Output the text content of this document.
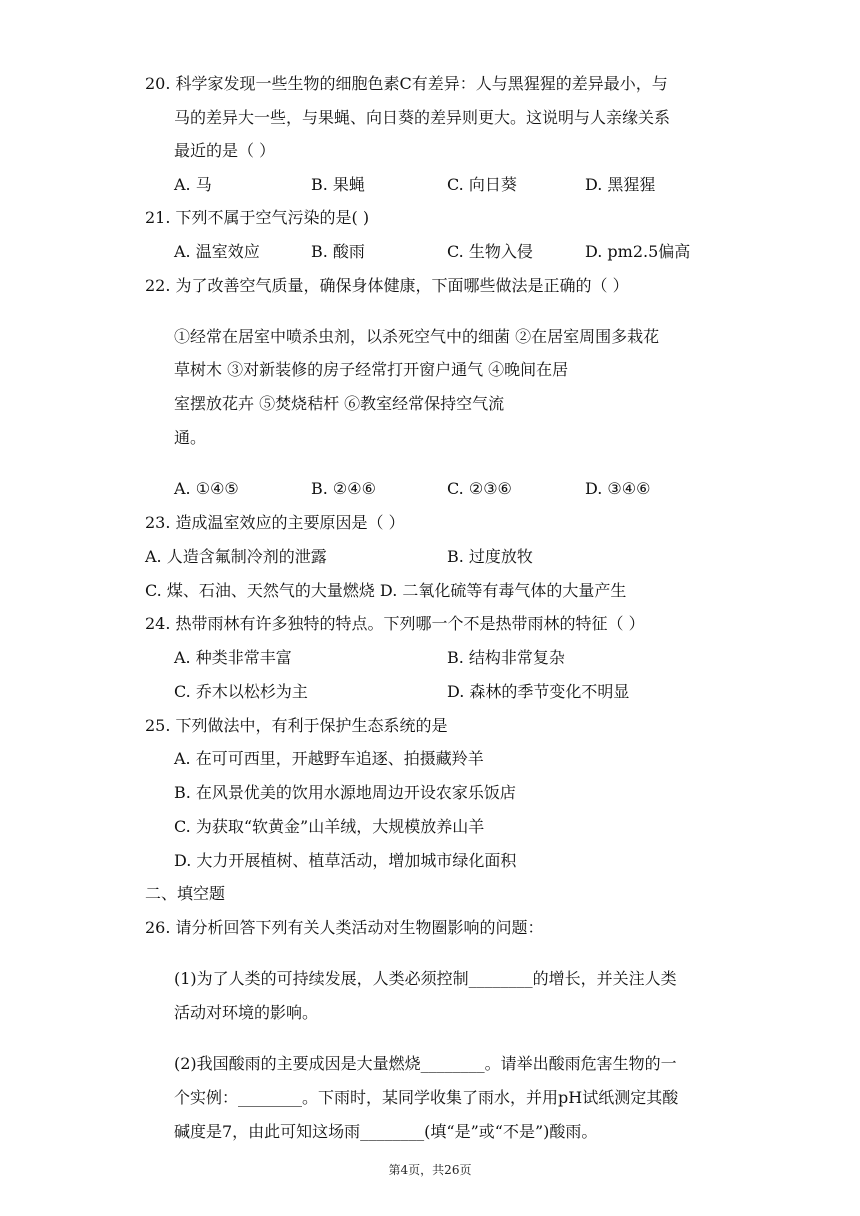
20. 科学家发现一些生物的细胞色素C有差异：人与黑猩猩的差异最小，与
马的差异大一些，与果蝇、向日葵的差异则更大。这说明与人亲缘关系
最近的是（ ）
A. 马	B. 果蝇	C. 向日葵	D. 黑猩猩
21. 下列不属于空气污染的是( )
A. 温室效应	B. 酸雨	C. 生物入侵	D. pm2.5偏高
22. 为了改善空气质量，确保身体健康，下面哪些做法是正确的（ ）
①经常在居室中喷杀虫剂，以杀死空气中的细菌 ②在居室周围多栽花
草树木 ③对新装修的房子经常打开窗户通气 ④晚间在居
室摆放花卉 ⑤焚烧秸杆 ⑥教室经常保持空气流
通。
A. ①④⑤	B. ②④⑥	C. ②③⑥	D. ③④⑥
23. 造成温室效应的主要原因是（ ）
A. 人造含氟制冷剂的泄露	B. 过度放牧
C. 煤、石油、天然气的大量燃烧 D. 二氧化硫等有毒气体的大量产生
24. 热带雨林有许多独特的特点。下列哪一个不是热带雨林的特征（ ）
A. 种类非常丰富	B. 结构非常复杂
C. 乔木以松杉为主	D. 森林的季节变化不明显
25. 下列做法中，有利于保护生态系统的是
A. 在可可西里，开越野车追逐、拍摄藏羚羊
B. 在风景优美的饮用水源地周边开设农家乐饭店
C. 为获取“软黄金”山羊绒，大规模放养山羊
D. 大力开展植树、植草活动，增加城市绿化面积
二、填空题
26. 请分析回答下列有关人类活动对生物圈影响的问题：
(1)为了人类的可持续发展，人类必须控制________的增长，并关注人类
活动对环境的影响。
(2)我国酸雨的主要成因是大量燃烧________。请举出酸雨危害生物的一
个实例：________。下雨时，某同学收集了雨水，并用pH试纸测定其酸
碱度是7，由此可知这场雨________(填“是”或“不是”)酸雨。
第4页，共26页
